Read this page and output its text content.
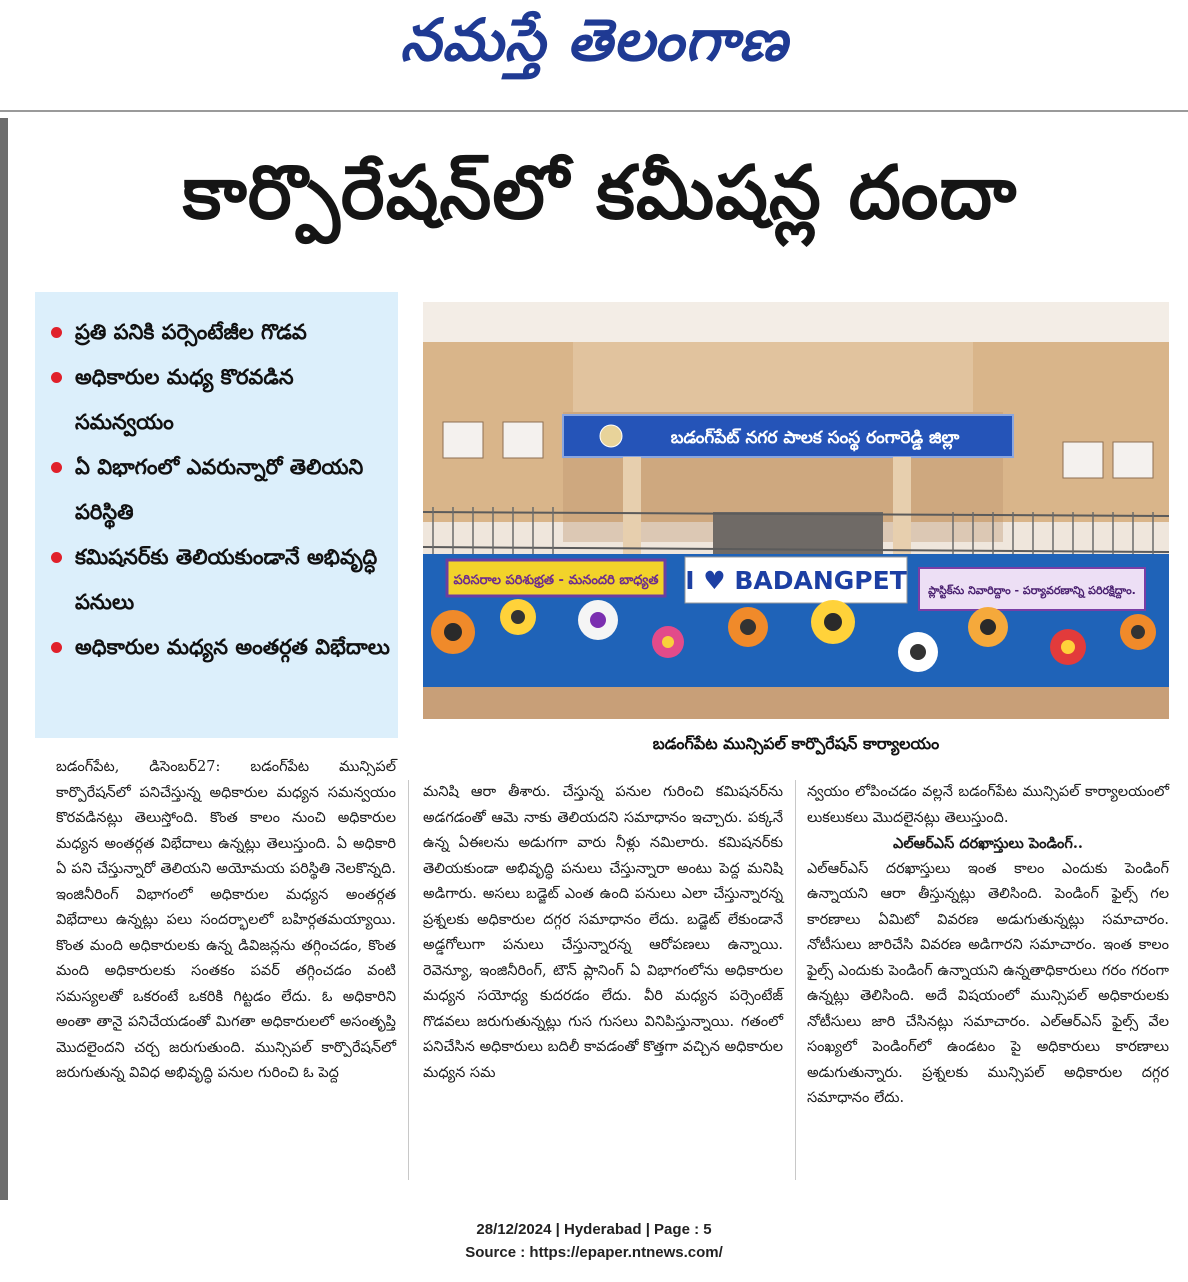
నమస్తే తెలంగాణ
కార్పొరేషన్‌లో కమీషన్ల దందా
ప్రతి పనికి పర్సెంటేజీల గొడవ
అధికారుల మధ్య కొరవడిన సమన్వయం
ఏ విభాగంలో ఎవరున్నారో తెలియని పరిస్థితి
కమిషనర్‌కు తెలియకుండానే అభివృద్ధి పనులు
అధికారుల మధ్యన అంతర్గత విభేదాలు
బడంగ్‌పేట్ నగర పాలక సంస్థ రంగారెడ్డి జిల్లా
పరిసరాల పరిశుభ్రత - మనందరి బాధ్యత I ♥ BADANGPET ప్లాస్టిక్‌ను నివారిద్దాం - పర్యావరణాన్ని పరిరక్షిద్దాం.
బడంగ్‌పేట మున్సిపల్ కార్పొరేషన్ కార్యాలయం
బడంగ్‌పేట, డిసెంబర్27: బడంగ్‌పేట మున్సిపల్ కార్పొరేషన్‌లో పనిచేస్తున్న అధికారుల మధ్యన సమన్వయం కొరవడినట్లు తెలుస్తోంది. కొంత కాలం నుంచి అధికారుల మధ్యన అంతర్గత విభేదాలు ఉన్నట్లు తెలుస్తుంది. ఏ అధికారి ఏ పని చేస్తున్నారో తెలియని అయోమయ పరిస్థితి నెలకొన్నది. ఇంజినీరింగ్ విభాగంలో అధికారుల మధ్యన అంతర్గత విభేదాలు ఉన్నట్లు పలు సందర్భాలలో బహిర్గతమయ్యాయి. కొంత మంది అధికారులకు ఉన్న డివిజన్లను తగ్గించడం, కొంత మంది అధికారులకు సంతకం పవర్ తగ్గించడం వంటి సమస్యలతో ఒకరంటే ఒకరికి గిట్టడం లేదు. ఓ అధికారిని అంతా తానై పనిచేయడంతో మిగతా అధికారులలో అసంతృప్తి మొదలైందని చర్చ జరుగుతుంది. మున్సిపల్ కార్పొరేషన్‌లో జరుగుతున్న వివిధ అభివృద్ధి పనుల గురించి ఓ పెద్ద
మనిషి ఆరా తీశారు. చేస్తున్న పనుల గురించి కమిషనర్‌ను అడగడంతో ఆమె నాకు తెలియదని సమాధానం ఇచ్చారు. పక్కనే ఉన్న ఏఈలను అడుగగా వారు నీళ్లు నమిలారు. కమిషనర్‌కు తెలియకుండా అభివృద్ధి పనులు చేస్తున్నారా అంటు పెద్ద మనిషి అడిగారు. అసలు బడ్జెట్ ఎంత ఉంది పనులు ఎలా చేస్తున్నారన్న ప్రశ్నలకు అధికారుల దగ్గర సమాధానం లేదు. బడ్జెట్ లేకుండానే అడ్డగోలుగా పనులు చేస్తున్నారన్న ఆరోపణలు ఉన్నాయి. రెవెన్యూ, ఇంజినీరింగ్, టౌన్ ప్లానింగ్ ఏ విభాగంలోను అధికారుల మధ్యన సయోధ్య కుదరడం లేదు. వీరి మధ్యన పర్సెంటేజ్ గొడవలు జరుగుతున్నట్లు గుస గుసలు వినిపిస్తున్నాయి. గతంలో పనిచేసిన అధికారులు బదిలీ కావడంతో కొత్తగా వచ్చిన అధికారుల మధ్యన సమ
న్వయం లోపించడం వల్లనే బడంగ్‌పేట మున్సిపల్ కార్యాలయంలో లుకలుకలు మొదలైనట్లు తెలుస్తుంది.
ఎల్ఆర్ఎస్ దరఖాస్తులు పెండింగ్..
ఎల్ఆర్ఎస్ దరఖాస్తులు ఇంత కాలం ఎందుకు పెండింగ్ ఉన్నాయని ఆరా తీస్తున్నట్లు తెలిసింది. పెండింగ్ ఫైల్స్ గల కారణాలు ఏమిటో వివరణ అడుగుతున్నట్లు సమాచారం. నోటీసులు జారిచేసి వివరణ అడిగారని సమాచారం. ఇంత కాలం ఫైల్స్ ఎందుకు పెండింగ్ ఉన్నాయని ఉన్నతాధికారులు గరం గరంగా ఉన్నట్లు తెలిసింది. అదే విషయంలో మున్సిపల్ అధికారులకు నోటీసులు జారి చేసినట్లు సమాచారం. ఎల్ఆర్ఎస్ ఫైల్స్ వేల సంఖ్యలో పెండింగ్‌లో ఉండటం పై అధికారులు కారణాలు అడుగుతున్నారు. ప్రశ్నలకు మున్సిపల్ అధికారుల దగ్గర సమాధానం లేదు.
28/12/2024 | Hyderabad | Page : 5
Source : https://epaper.ntnews.com/
